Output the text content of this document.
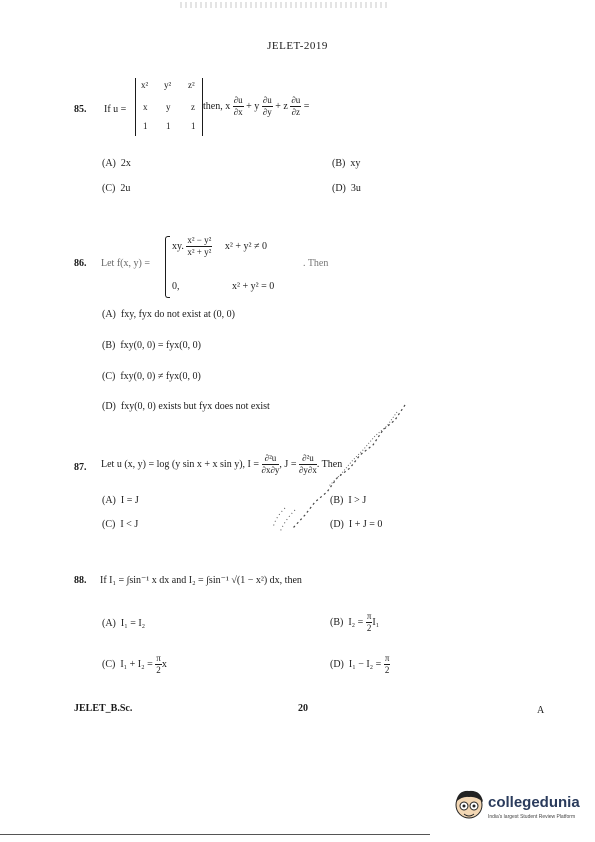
JELET-2019
85. If u =
x² y² z²
x y z
1 1 1
then, x $\frac{\partial u}{\partial x} + y \frac{\partial u}{\partial y} + z \frac{\partial u}{\partial z}$ =
(A) 2x	(B) xy
(C) 2u	(D) 3u
86. Let f(x, y) =
xy. $\frac{\text{x² − y²}}{\text{x² + y²}} x^2 + y^2 \ne 0$
0,	x² + y² = 0
. Then
(A) fxy, fyx do not exist at (0, 0)
(B) fxy(0, 0) = fyx(0, 0)
(C) fxy(0, 0) ≠ fyx(0, 0)
(D) fxy(0, 0) exists but fyx does not exist
87. Let u (x, y) = log (y sin x + x sin y), $I = \frac{\text{∂²u}}{\partial x\partial y}$ , $J = \frac{\text{∂²u}}{\partial y\partial x}$ . Then
(A) I = J	(B) I > J
(C) I < J	(D) I + J = 0
88. If I₁ = ∫sin⁻¹ x dx and I₂ = ∫sin⁻¹ √(1 − x²) dx, then
(A) I₁ = I₂	(B) $I_2 = \frac{\pi}{2} I_1$
(C) $I_1 + I_2 = \frac{\pi}{2}$ x	(D) $I_1 - I_2 = \frac{\pi}{2}$
JELET_B.Sc.	20	A
collegedunia
India's largest Student Review Platform
